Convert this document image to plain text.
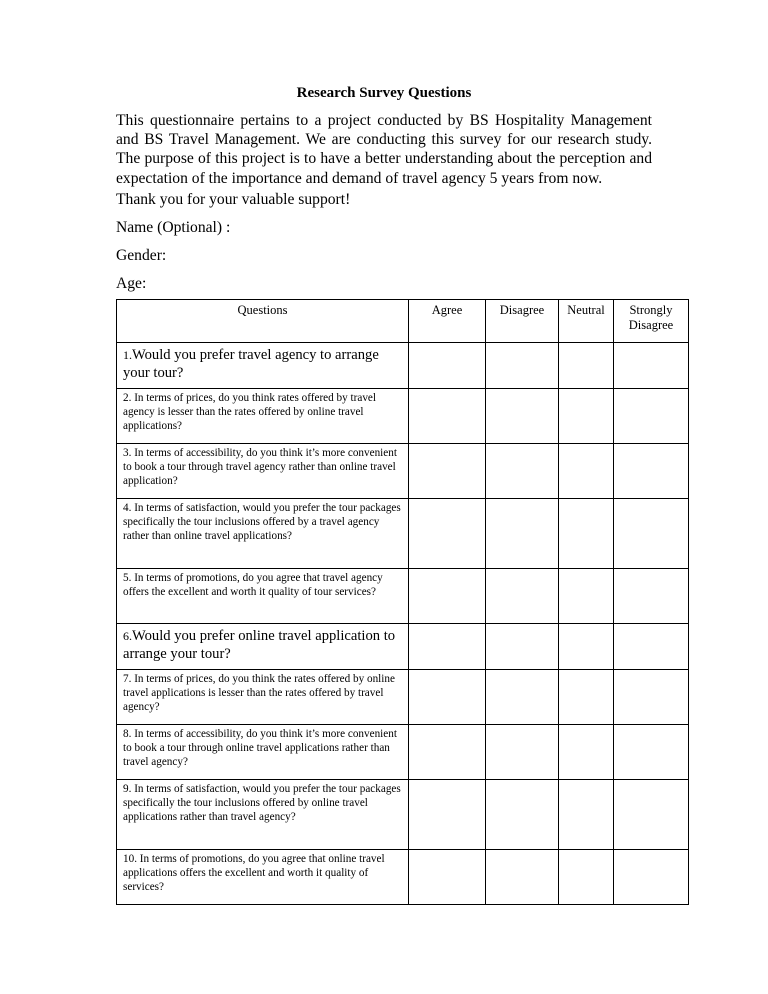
Research Survey Questions

This questionnaire pertains to a project conducted by BS Hospitality Management and BS Travel Management. We are conducting this survey for our research study. The purpose of this project is to have a better understanding about the perception and expectation of the importance and demand of travel agency 5 years from now.

Thank you for your valuable support!

Name (Optional) :

Gender:

Age:

Questions	Agree	Disagree	Neutral	Strongly Disagree
1.Would you prefer travel agency to arrange your tour?				
2. In terms of prices, do you think rates offered by travel agency is lesser than the rates offered by online travel applications?				
3. In terms of accessibility, do you think it’s more convenient to book a tour through travel agency rather than online travel application?				
4. In terms of satisfaction, would you prefer the tour packages specifically the tour inclusions offered by a travel agency rather than online travel applications?				
5. In terms of promotions, do you agree that travel agency offers the excellent and worth it quality of tour services?				
6.Would you prefer online travel application to arrange your tour?				
7. In terms of prices, do you think the rates offered by online travel applications is lesser than the rates offered by travel agency?				
8. In terms of accessibility, do you think it’s more convenient to book a tour through online travel applications rather than travel agency?				
9. In terms of satisfaction, would you prefer the tour packages specifically the tour inclusions offered by online travel applications rather than travel agency?				
10. In terms of promotions, do you agree that online travel applications offers the excellent and worth it quality of services?				
